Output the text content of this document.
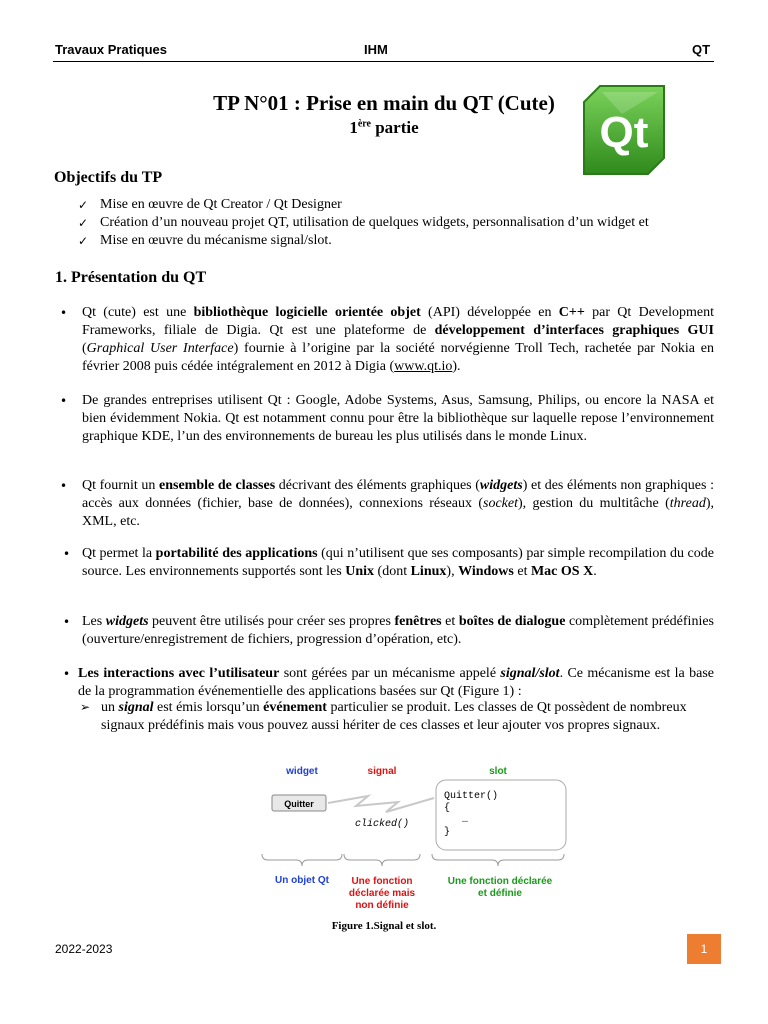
Travaux Pratiques	IHM	QT
TP N°01 : Prise en main du QT (Cute)
1ère partie	Qt
Objectifs du TP
✓ Mise en œuvre de Qt Creator / Qt Designer
✓ Création d’un nouveau projet QT, utilisation de quelques widgets, personnalisation d’un widget et
✓ Mise en œuvre du mécanisme signal/slot.
1. Présentation du QT
• Qt (cute) est une bibliothèque logicielle orientée objet (API) développée en C++ par Qt Development Frameworks, filiale de Digia. Qt est une plateforme de développement d’interfaces graphiques GUI (Graphical User Interface) fournie à l’origine par la société norvégienne Troll Tech, rachetée par Nokia en février 2008 puis cédée intégralement en 2012 à Digia (www.qt.io).
• De grandes entreprises utilisent Qt : Google, Adobe Systems, Asus, Samsung, Philips, ou encore la NASA et bien évidemment Nokia. Qt est notamment connu pour être la bibliothèque sur laquelle repose l’environnement graphique KDE, l’un des environnements de bureau les plus utilisés dans le monde Linux.
• Qt fournit un ensemble de classes décrivant des éléments graphiques (widgets) et des éléments non graphiques : accès aux données (fichier, base de données), connexions réseaux (socket), gestion du multitâche (thread), XML, etc.
• Qt permet la portabilité des applications (qui n’utilisent que ses composants) par simple recompilation du code source. Les environnements supportés sont les Unix (dont Linux), Windows et Mac OS X.
• Les widgets peuvent être utilisés pour créer ses propres fenêtres et boîtes de dialogue complètement prédéfinies (ouverture/enregistrement de fichiers, progression d’opération, etc).
• Les interactions avec l’utilisateur sont gérées par un mécanisme appelé signal/slot. Ce mécanisme est la base de la programmation événementielle des applications basées sur Qt (Figure 1) :
➢ un signal est émis lorsqu’un événement particulier se produit. Les classes de Qt possèdent de nombreux signaux prédéfinis mais vous pouvez aussi hériter de ces classes et leur ajouter vos propres signaux.
widget	signal	slot
Quitter
clicked()
Quitter()
{
…
}
Un objet Qt Une fonction
déclarée mais
non définie
Une fonction déclarée
et définie
Figure 1.Signal et slot.
2022-2023	1
